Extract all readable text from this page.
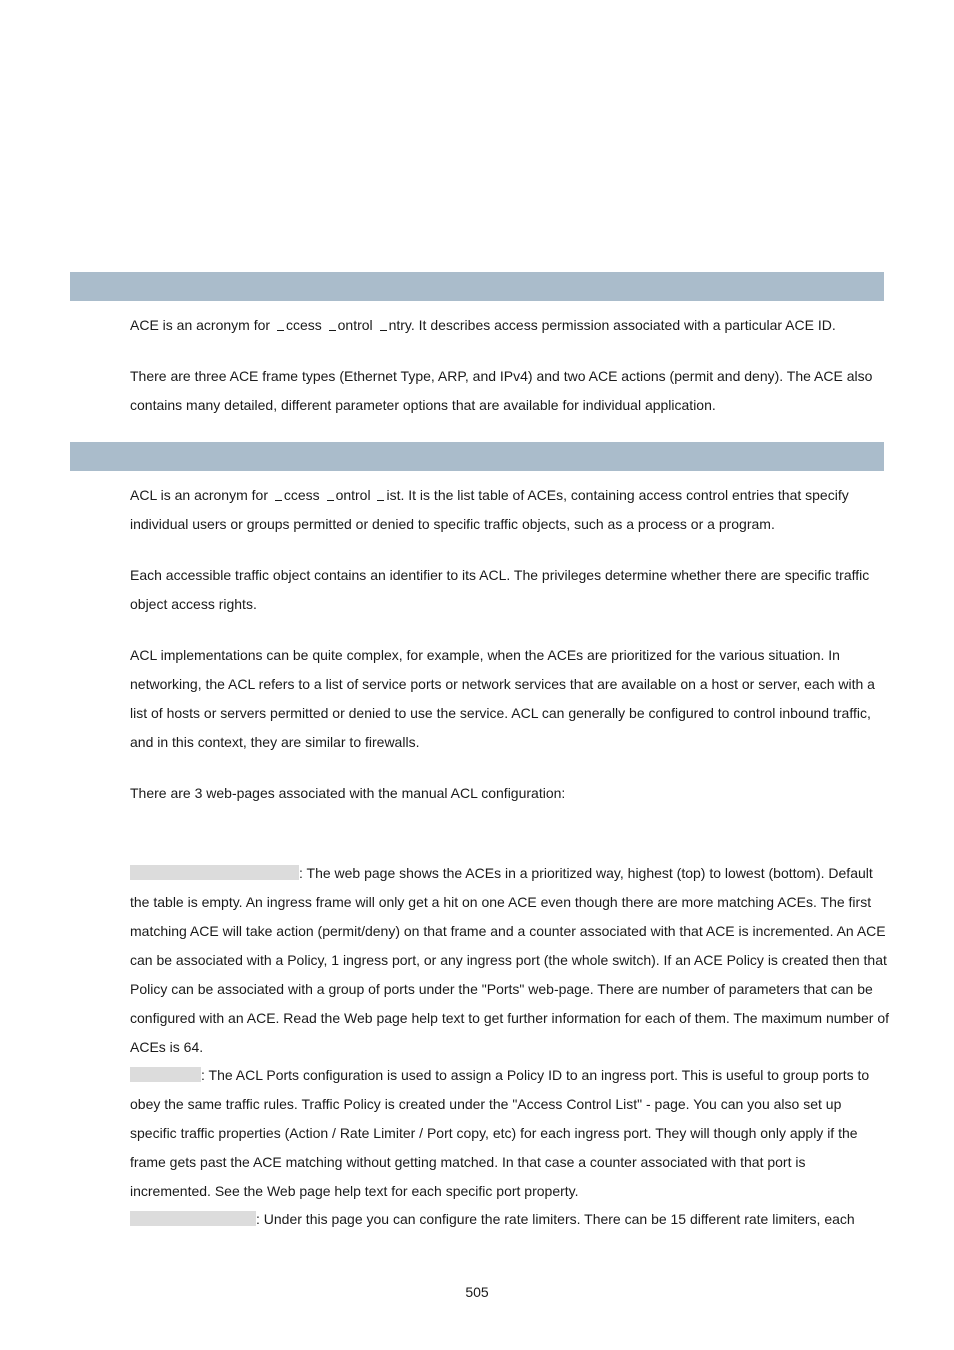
ACE is an acronym for ccess ontrol ntry. It describes access permission associated with a particular ACE ID.

There are three ACE frame types (Ethernet Type, ARP, and IPv4) and two ACE actions (permit and deny). The ACE also contains many detailed, different parameter options that are available for individual application.

ACL is an acronym for ccess ontrol ist. It is the list table of ACEs, containing access control entries that specify individual users or groups permitted or denied to specific traffic objects, such as a process or a program.

Each accessible traffic object contains an identifier to its ACL. The privileges determine whether there are specific traffic object access rights.

ACL implementations can be quite complex, for example, when the ACEs are prioritized for the various situation. In networking, the ACL refers to a list of service ports or network services that are available on a host or server, each with a list of hosts or servers permitted or denied to use the service. ACL can generally be configured to control inbound traffic, and in this context, they are similar to firewalls.

There are 3 web-pages associated with the manual ACL configuration:

: The web page shows the ACEs in a prioritized way, highest (top) to lowest (bottom). Default the table is empty. An ingress frame will only get a hit on one ACE even though there are more matching ACEs. The first matching ACE will take action (permit/deny) on that frame and a counter associated with that ACE is incremented. An ACE can be associated with a Policy, 1 ingress port, or any ingress port (the whole switch). If an ACE Policy is created then that Policy can be associated with a group of ports under the "Ports" web-page. There are number of parameters that can be configured with an ACE. Read the Web page help text to get further information for each of them. The maximum number of ACEs is 64.

: The ACL Ports configuration is used to assign a Policy ID to an ingress port. This is useful to group ports to obey the same traffic rules. Traffic Policy is created under the "Access Control List" - page. You can you also set up specific traffic properties (Action / Rate Limiter / Port copy, etc) for each ingress port. They will though only apply if the frame gets past the ACE matching without getting matched. In that case a counter associated with that port is incremented. See the Web page help text for each specific port property.

: Under this page you can configure the rate limiters. There can be 15 different rate limiters, each

505
